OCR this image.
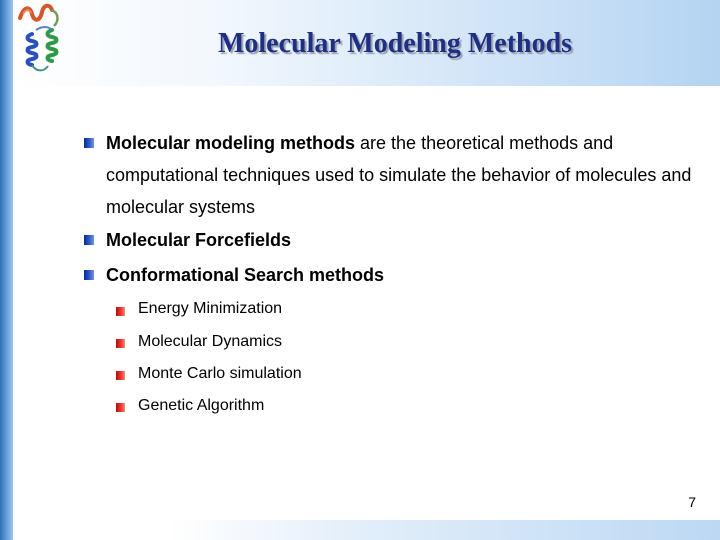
Molecular Modeling Methods
Molecular modeling methods are the theoretical methods and computational techniques used to simulate the behavior of molecules and molecular systems
Molecular Forcefields
Conformational Search methods
Energy Minimization
Molecular Dynamics
Monte Carlo simulation
Genetic Algorithm
7
